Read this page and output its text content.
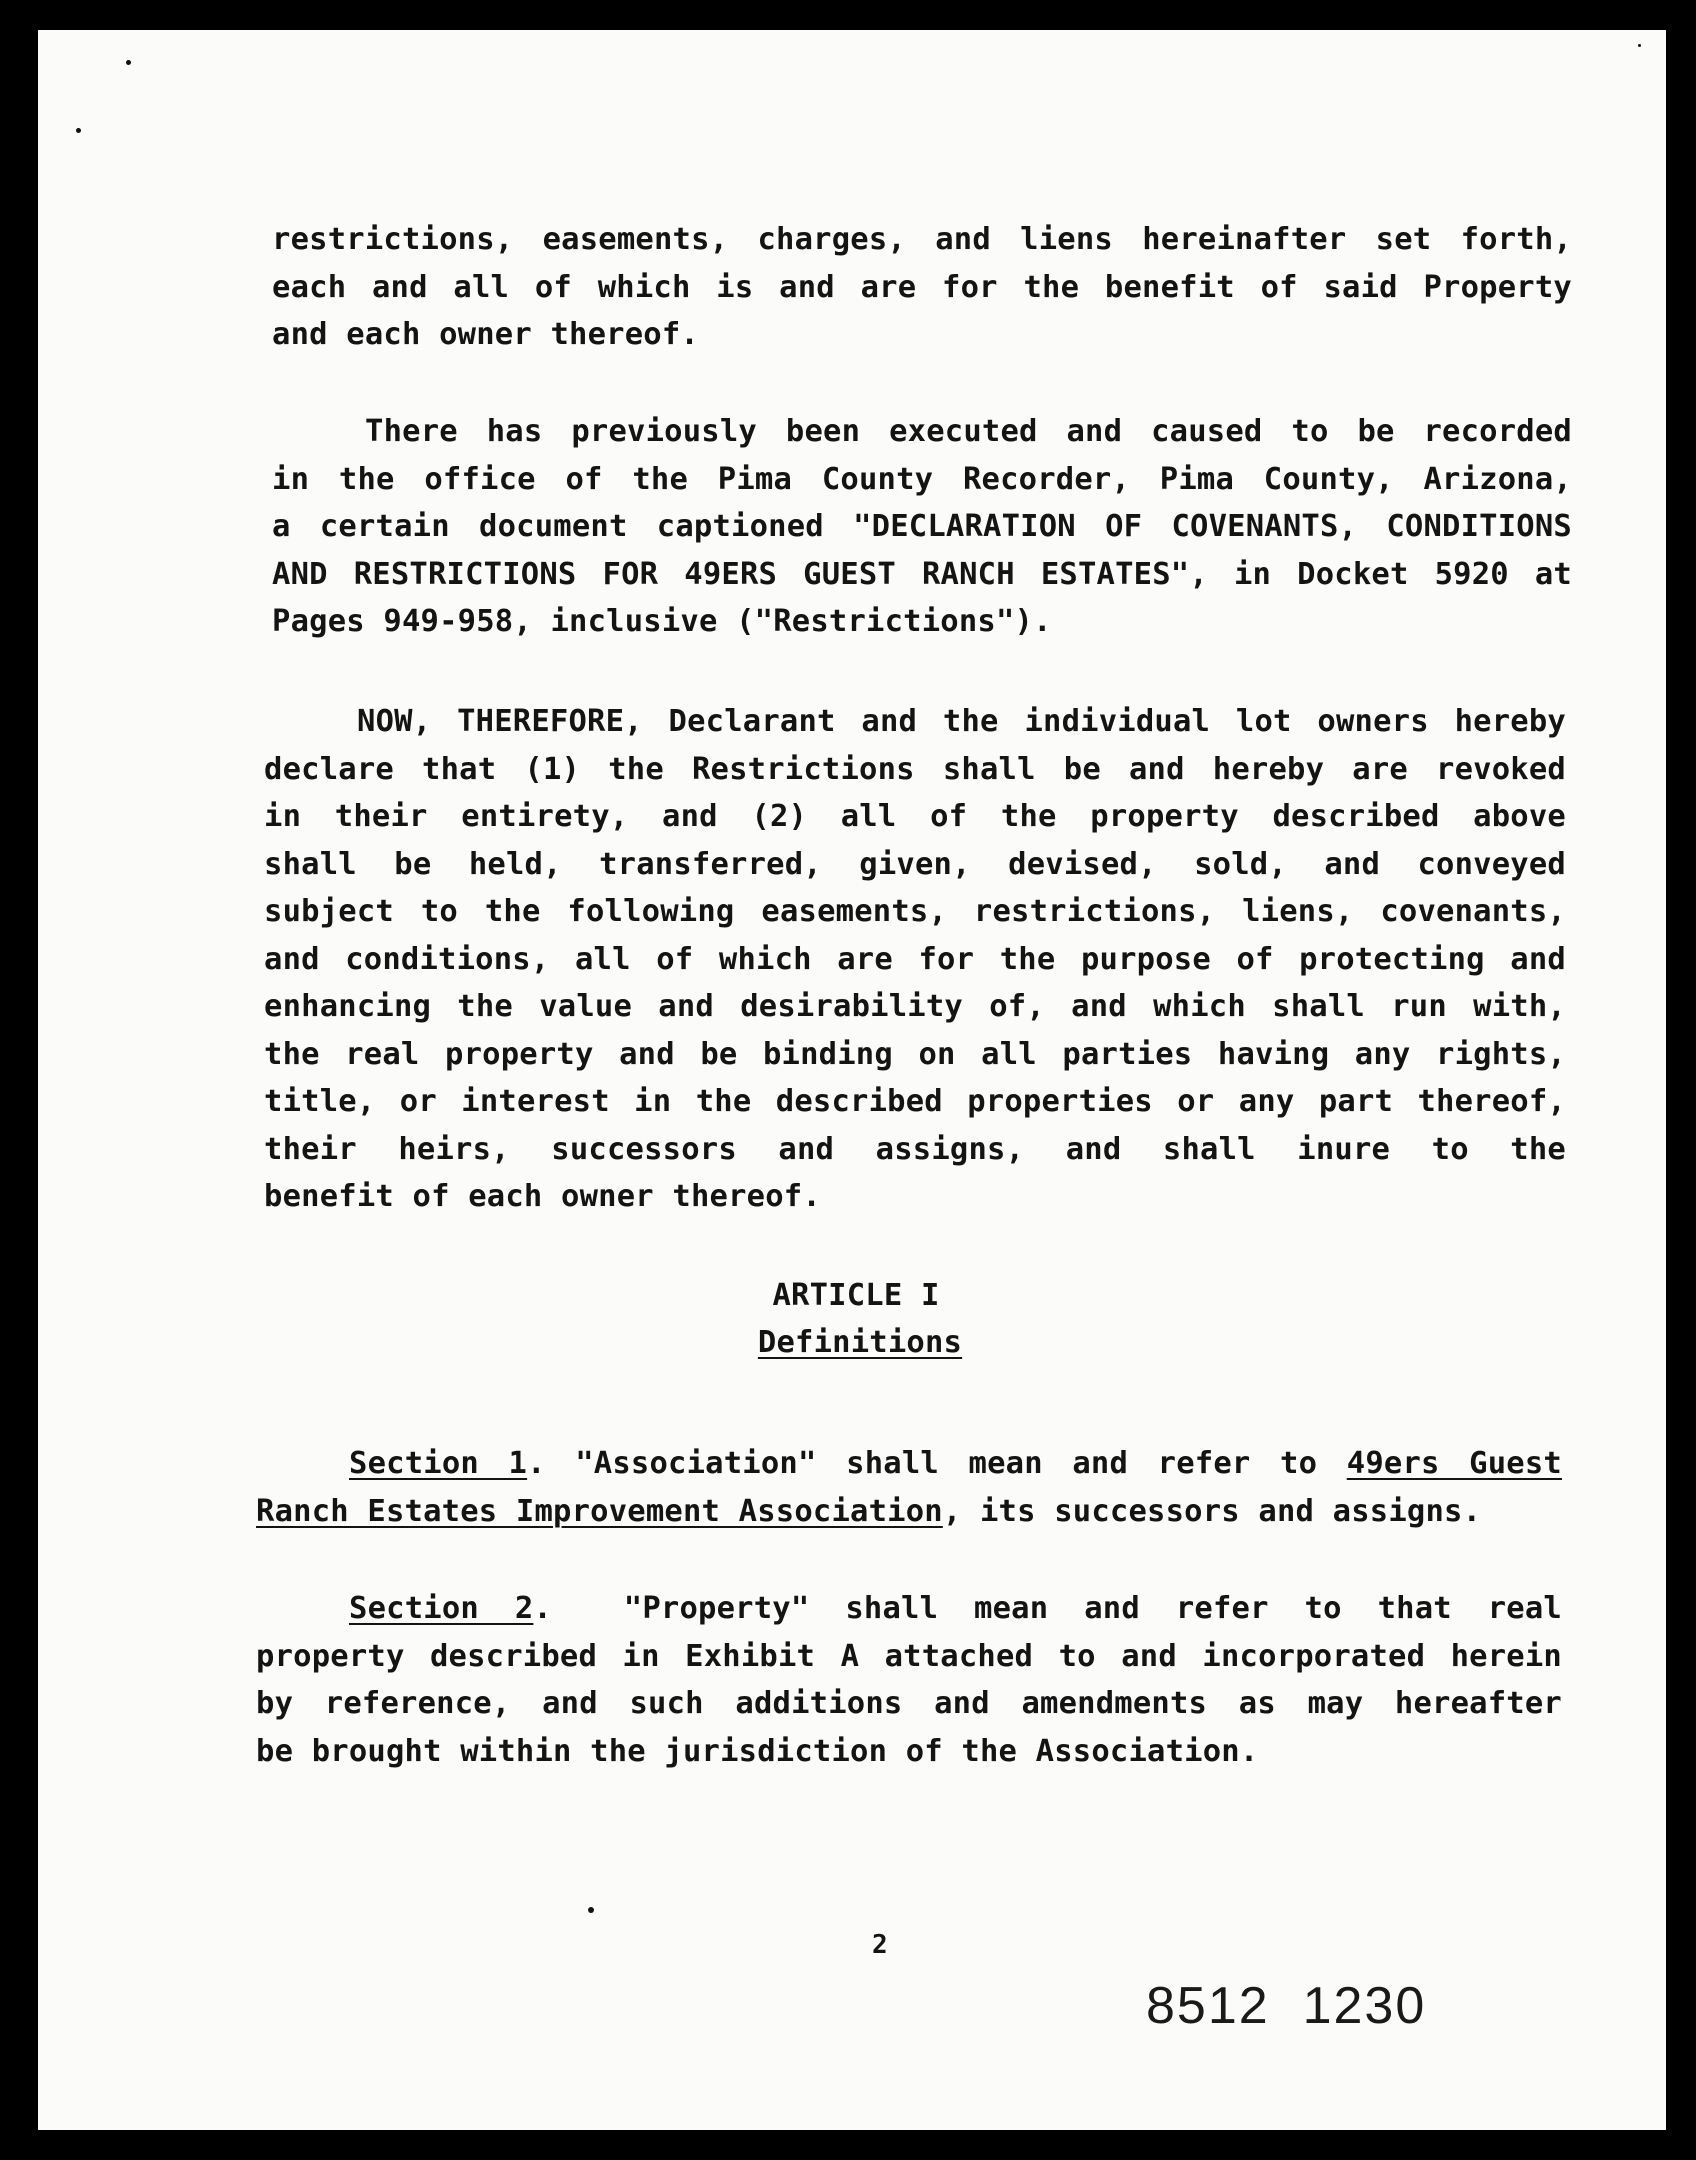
restrictions, easements, charges, and liens hereinafter set forth,
each and all of which is and are for the benefit of said Property
and each owner thereof.
There has previously been executed and caused to be recorded
in the office of the Pima County Recorder, Pima County, Arizona,
a certain document captioned "DECLARATION OF COVENANTS, CONDITIONS
AND RESTRICTIONS FOR 49ERS GUEST RANCH ESTATES", in Docket 5920 at
Pages 949-958, inclusive ("Restrictions").
NOW, THEREFORE, Declarant and the individual lot owners hereby
declare that (1) the Restrictions shall be and hereby are revoked
in their entirety, and (2) all of the property described above
shall be held, transferred, given, devised, sold, and conveyed
subject to the following easements, restrictions, liens, covenants,
and conditions, all of which are for the purpose of protecting and
enhancing the value and desirability of, and which shall run with,
the real property and be binding on all parties having any rights,
title, or interest in the described properties or any part thereof,
their heirs, successors and assigns, and shall inure to the
benefit of each owner thereof.
ARTICLE I
Definitions
Section 1. "Association" shall mean and refer to 49ers Guest
Ranch Estates Improvement Association, its successors and assigns.
Section 2.  "Property" shall mean and refer to that real
property described in Exhibit A attached to and incorporated herein
by reference, and such additions and amendments as may hereafter
be brought within the jurisdiction of the Association.
2
8512  1230
